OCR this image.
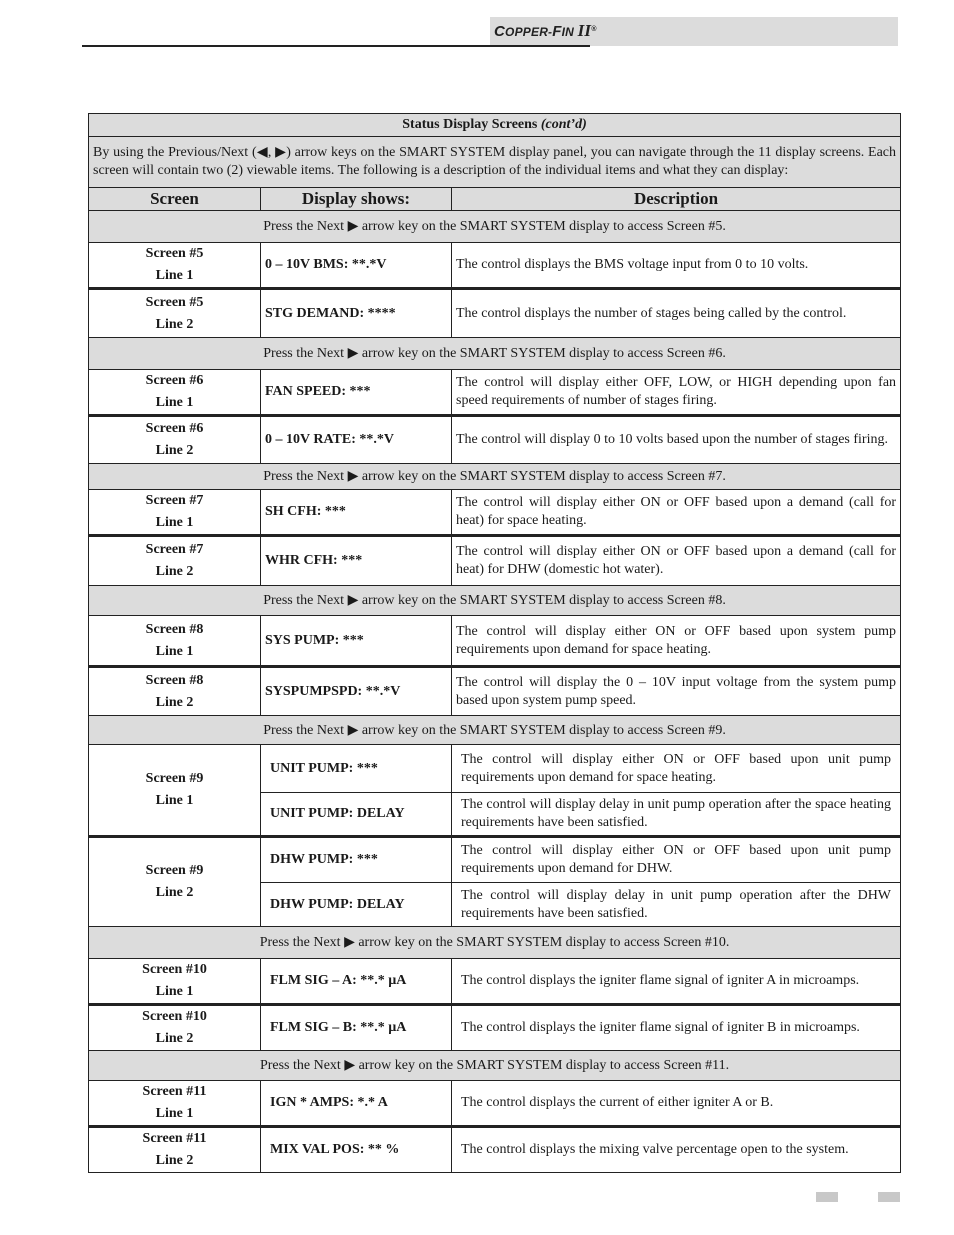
COPPER-FIN II®
Status Display Screens (cont’d)		
By using the Previous/Next (◀, ▶) arrow keys on the SMART SYSTEM display panel, you can navigate through the 11 display screens. Each screen will contain two (2) viewable items. The following is a description of the individual items and what they can display:		
Screen	Display shows:	Description
Press the Next ▶ arrow key on the SMART SYSTEM display to access Screen #5.		
Screen #5
Line 1	0 – 10V BMS: **.*V	The control displays the BMS voltage input from 0 to 10 volts.
Screen #5
Line 2	STG DEMAND: ****	The control displays the number of stages being called by the control.
Press the Next ▶ arrow key on the SMART SYSTEM display to access Screen #6.		
Screen #6
Line 1	FAN SPEED: ***	The control will display either OFF, LOW, or HIGH depending upon fan speed requirements of number of stages firing.
Screen #6
Line 2	0 – 10V RATE: **.*V	The control will display 0 to 10 volts based upon the number of stages firing.
Press the Next ▶ arrow key on the SMART SYSTEM display to access Screen #7.		
Screen #7
Line 1	SH CFH: ***	The control will display either ON or OFF based upon a demand (call for heat) for space heating.
Screen #7
Line 2	WHR CFH: ***	The control will display either ON or OFF based upon a demand (call for heat) for DHW (domestic hot water).
Press the Next ▶ arrow key on the SMART SYSTEM display to access Screen #8.		
Screen #8
Line 1	SYS PUMP: ***	The control will display either ON or OFF based upon system pump requirements upon demand for space heating.
Screen #8
Line 2	SYSPUMPSPD: **.*V	The control will display the 0 – 10V input voltage from the system pump based upon system pump speed.
Press the Next ▶ arrow key on the SMART SYSTEM display to access Screen #9.		
Screen #9
Line 1	UNIT PUMP: ***	The control will display either ON or OFF based upon unit pump requirements upon demand for space heating.
	UNIT PUMP: DELAY	The control will display delay in unit pump operation after the space heating requirements have been satisfied.
Screen #9
Line 2	DHW PUMP: ***	The control will display either ON or OFF based upon unit pump requirements upon demand for DHW.
	DHW PUMP: DELAY	The control will display delay in unit pump operation after the DHW requirements have been satisfied.
Press the Next ▶ arrow key on the SMART SYSTEM display to access Screen #10.		
Screen #10
Line 1	FLM SIG – A: **.* µA	The control displays the igniter flame signal of igniter A in microamps.
Screen #10
Line 2	FLM SIG – B: **.* µA	The control displays the igniter flame signal of igniter B in microamps.
Press the Next ▶ arrow key on the SMART SYSTEM display to access Screen #11.		
Screen #11
Line 1	IGN * AMPS: *.* A	The control displays the current of either igniter A or B.
Screen #11
Line 2	MIX VAL POS: ** %	The control displays the mixing valve percentage open to the system.
